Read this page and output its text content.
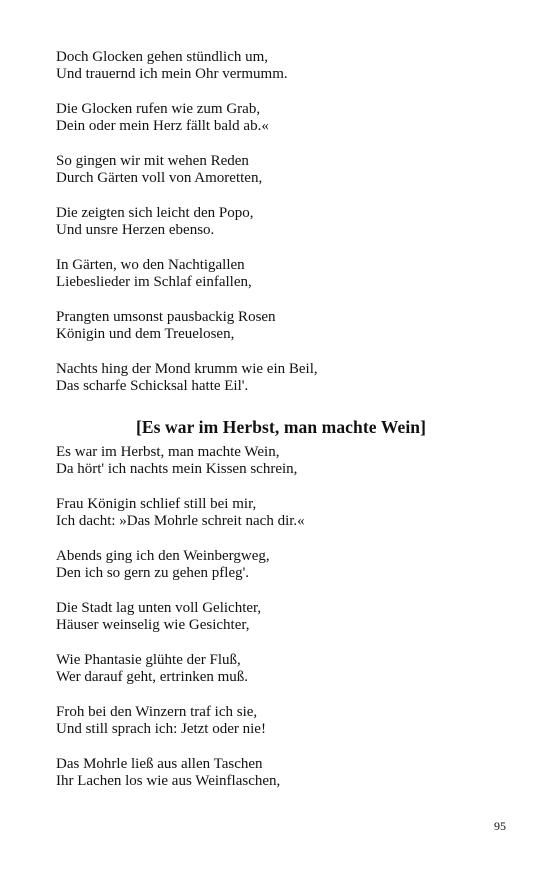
Doch Glocken gehen stündlich um,
Und trauernd ich mein Ohr vermumm.
Die Glocken rufen wie zum Grab,
Dein oder mein Herz fällt bald ab.«
So gingen wir mit wehen Reden
Durch Gärten voll von Amoretten,
Die zeigten sich leicht den Popo,
Und unsre Herzen ebenso.
In Gärten, wo den Nachtigallen
Liebeslieder im Schlaf einfallen,
Prangten umsonst pausbackig Rosen
Königin und dem Treuelosen,
Nachts hing der Mond krumm wie ein Beil,
Das scharfe Schicksal hatte Eil'.
[Es war im Herbst, man machte Wein]
Es war im Herbst, man machte Wein,
Da hört' ich nachts mein Kissen schrein,
Frau Königin schlief still bei mir,
Ich dacht: »Das Mohrle schreit nach dir.«
Abends ging ich den Weinbergweg,
Den ich so gern zu gehen pfleg'.
Die Stadt lag unten voll Gelichter,
Häuser weinselig wie Gesichter,
Wie Phantasie glühte der Fluß,
Wer darauf geht, ertrinken muß.
Froh bei den Winzern traf ich sie,
Und still sprach ich: Jetzt oder nie!
Das Mohrle ließ aus allen Taschen
Ihr Lachen los wie aus Weinflaschen,
95
